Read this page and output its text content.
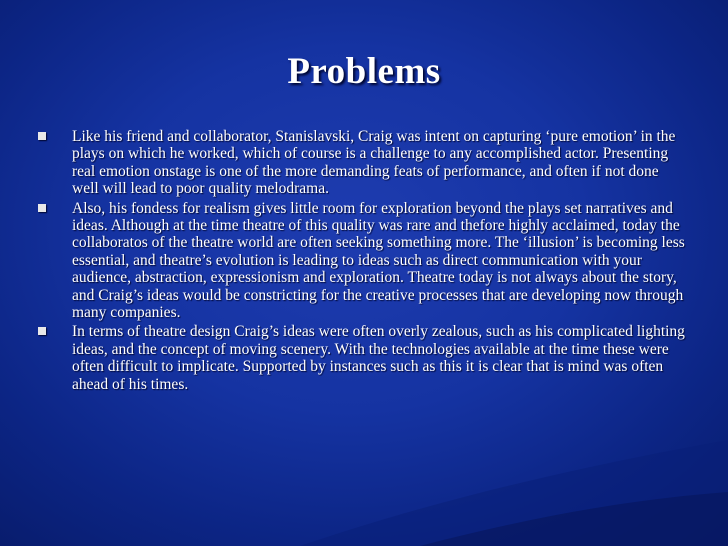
Problems
Like his friend and collaborator, Stanislavski, Craig was intent on capturing ‘pure emotion’ in the plays on which he worked, which of course is a challenge to any accomplished actor. Presenting real emotion onstage is one of the more demanding feats of performance, and often if not done well will lead to poor quality melodrama.
Also, his fondess for realism gives little room for exploration beyond the plays set narratives and ideas. Although at the time theatre of this quality was rare and thefore highly acclaimed, today the collaboratos of the theatre world are often seeking something more. The ‘illusion’ is becoming less essential, and theatre’s evolution is leading to ideas such as direct communication with your audience, abstraction, expressionism and exploration. Theatre today is not always about the story, and Craig’s ideas would be constricting for the creative processes that are developing now through many companies.
In terms of theatre design Craig’s ideas were often overly zealous, such as his complicated lighting ideas, and the concept of moving scenery. With the technologies available at the time these were often difficult to implicate. Supported by instances such as this it is clear that is mind was often ahead of his times.
